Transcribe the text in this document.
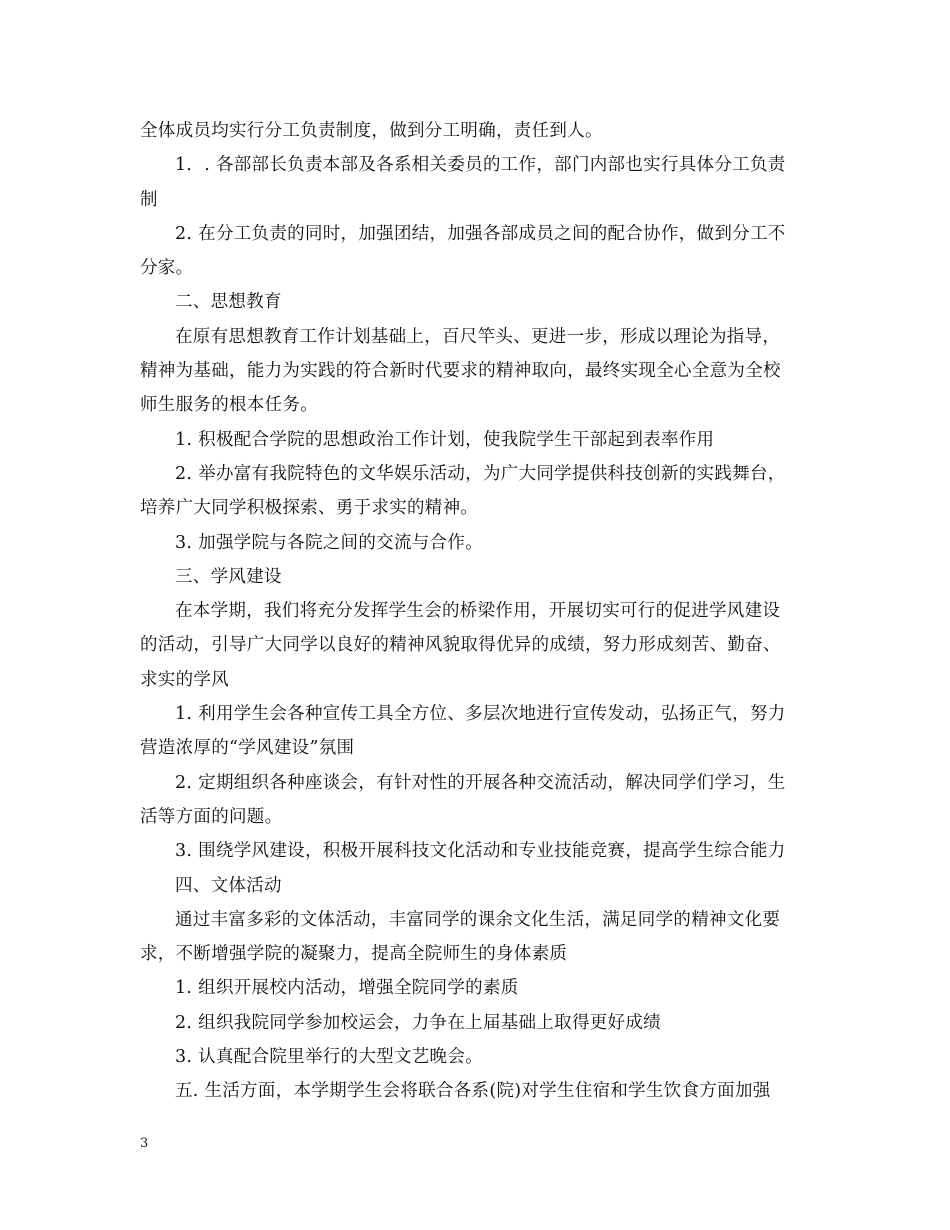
全体成员均实行分工负责制度，做到分工明确，责任到人。
1．. 各部部长负责本部及各系相关委员的工作，部门内部也实行具体分工负责
制
2. 在分工负责的同时，加强团结，加强各部成员之间的配合协作，做到分工不
分家。
二、思想教育
在原有思想教育工作计划基础上，百尺竿头、更进一步，形成以理论为指导，
精神为基础，能力为实践的符合新时代要求的精神取向，最终实现全心全意为全校
师生服务的根本任务。
1. 积极配合学院的思想政治工作计划，使我院学生干部起到表率作用
2. 举办富有我院特色的文华娱乐活动，为广大同学提供科技创新的实践舞台，
培养广大同学积极探索、勇于求实的精神。
3. 加强学院与各院之间的交流与合作。
三、学风建设
在本学期，我们将充分发挥学生会的桥梁作用，开展切实可行的促进学风建设
的活动，引导广大同学以良好的精神风貌取得优异的成绩，努力形成刻苦、勤奋、
求实的学风
1. 利用学生会各种宣传工具全方位、多层次地进行宣传发动，弘扬正气，努力
营造浓厚的“学风建设”氛围
2. 定期组织各种座谈会，有针对性的开展各种交流活动，解决同学们学习，生
活等方面的问题。
3. 围绕学风建设，积极开展科技文化活动和专业技能竞赛，提高学生综合能力
四、文体活动
通过丰富多彩的文体活动，丰富同学的课余文化生活，满足同学的精神文化要
求，不断增强学院的凝聚力，提高全院师生的身体素质
1. 组织开展校内活动，增强全院同学的素质
2. 组织我院同学参加校运会，力争在上届基础上取得更好成绩
3. 认真配合院里举行的大型文艺晚会。
五. 生活方面，本学期学生会将联合各系(院)对学生住宿和学生饮食方面加强
3
